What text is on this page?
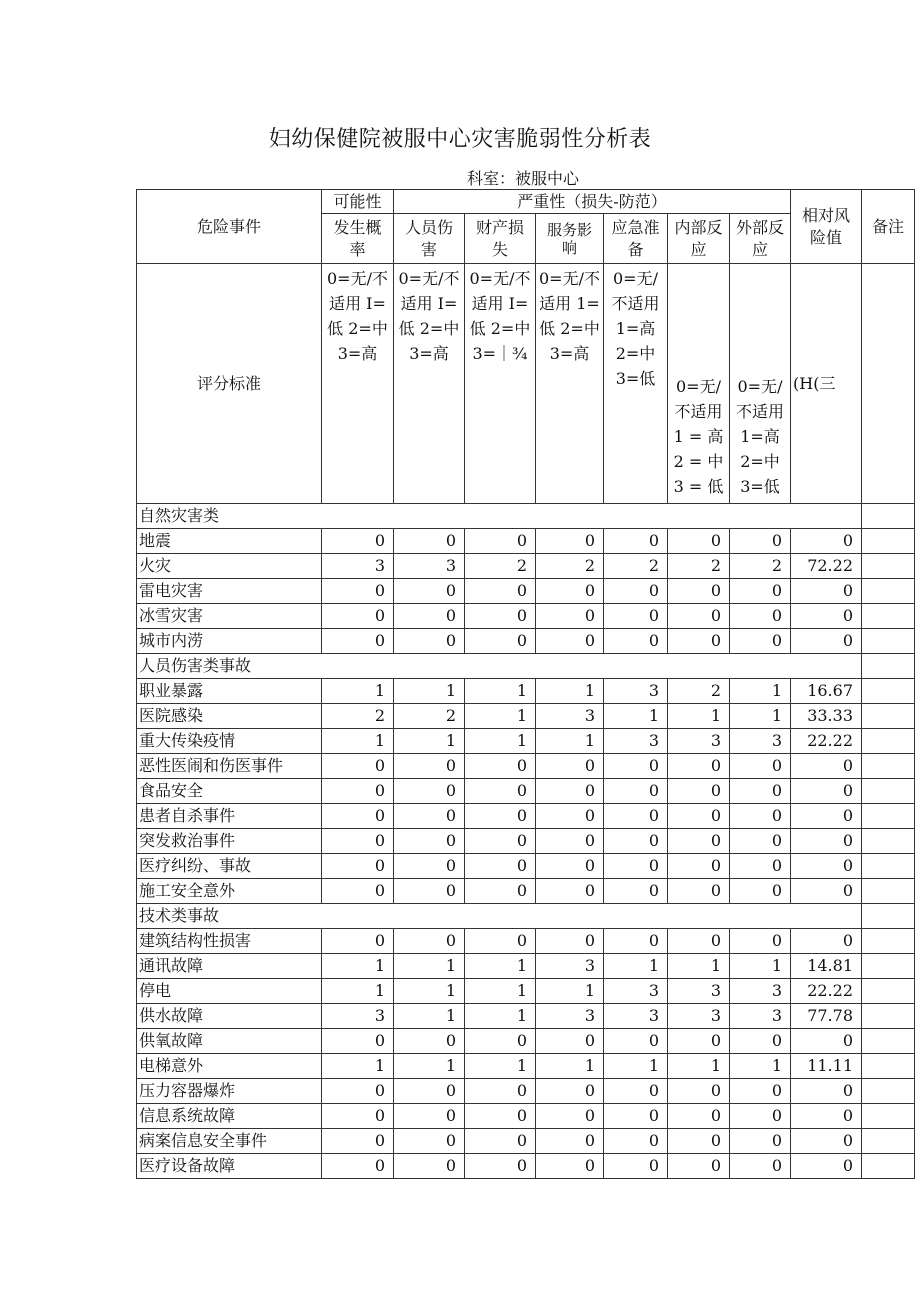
妇幼保健院被服中心灾害脆弱性分析表
科室：被服中心
危险事件	可能性	严重性（损失-防范）						相对风险值	备注
	发生概率	人员伤害	财产损失	服务影响	应急准备	内部反应	外部反应		

评分标准	0=无/不适用 I=低 2=中 3=高	0=无/不适用 I=低 2=中 3=高	0=无/不适用 I=低 2=中 3=｜¾	0=无/不适用 1=低 2=中 3=高	0=无/不适用 1=高 2=中 3=低	0=无/不适用 1 = 高 2 = 中 3 = 低	0=无/不适用 1=高 2=中 3=低	(H(三	
自然灾害类									
地震	0	0	0	0	0	0	0	0	
火灾	3	3	2	2	2	2	2	72.22	
雷电灾害	0	0	0	0	0	0	0	0	
冰雪灾害	0	0	0	0	0	0	0	0	
城市内涝	0	0	0	0	0	0	0	0	
人员伤害类事故									
职业暴露	1	1	1	1	3	2	1	16.67	
医院感染	2	2	1	3	1	1	1	33.33	
重大传染疫情	1	1	1	1	3	3	3	22.22	
恶性医闹和伤医事件	0	0	0	0	0	0	0	0	
食品安全	0	0	0	0	0	0	0	0	
患者自杀事件	0	0	0	0	0	0	0	0	
突发救治事件	0	0	0	0	0	0	0	0	
医疗纠纷、事故	0	0	0	0	0	0	0	0	
施工安全意外	0	0	0	0	0	0	0	0	
技术类事故									
建筑结构性损害	0	0	0	0	0	0	0	0	
通讯故障	1	1	1	3	1	1	1	14.81	
停电	1	1	1	1	3	3	3	22.22	
供水故障	3	1	1	3	3	3	3	77.78	
供氧故障	0	0	0	0	0	0	0	0	
电梯意外	1	1	1	1	1	1	1	11.11	
压力容器爆炸	0	0	0	0	0	0	0	0	
信息系统故障	0	0	0	0	0	0	0	0	
病案信息安全事件	0	0	0	0	0	0	0	0	
医疗设备故障	0	0	0	0	0	0	0	0	
